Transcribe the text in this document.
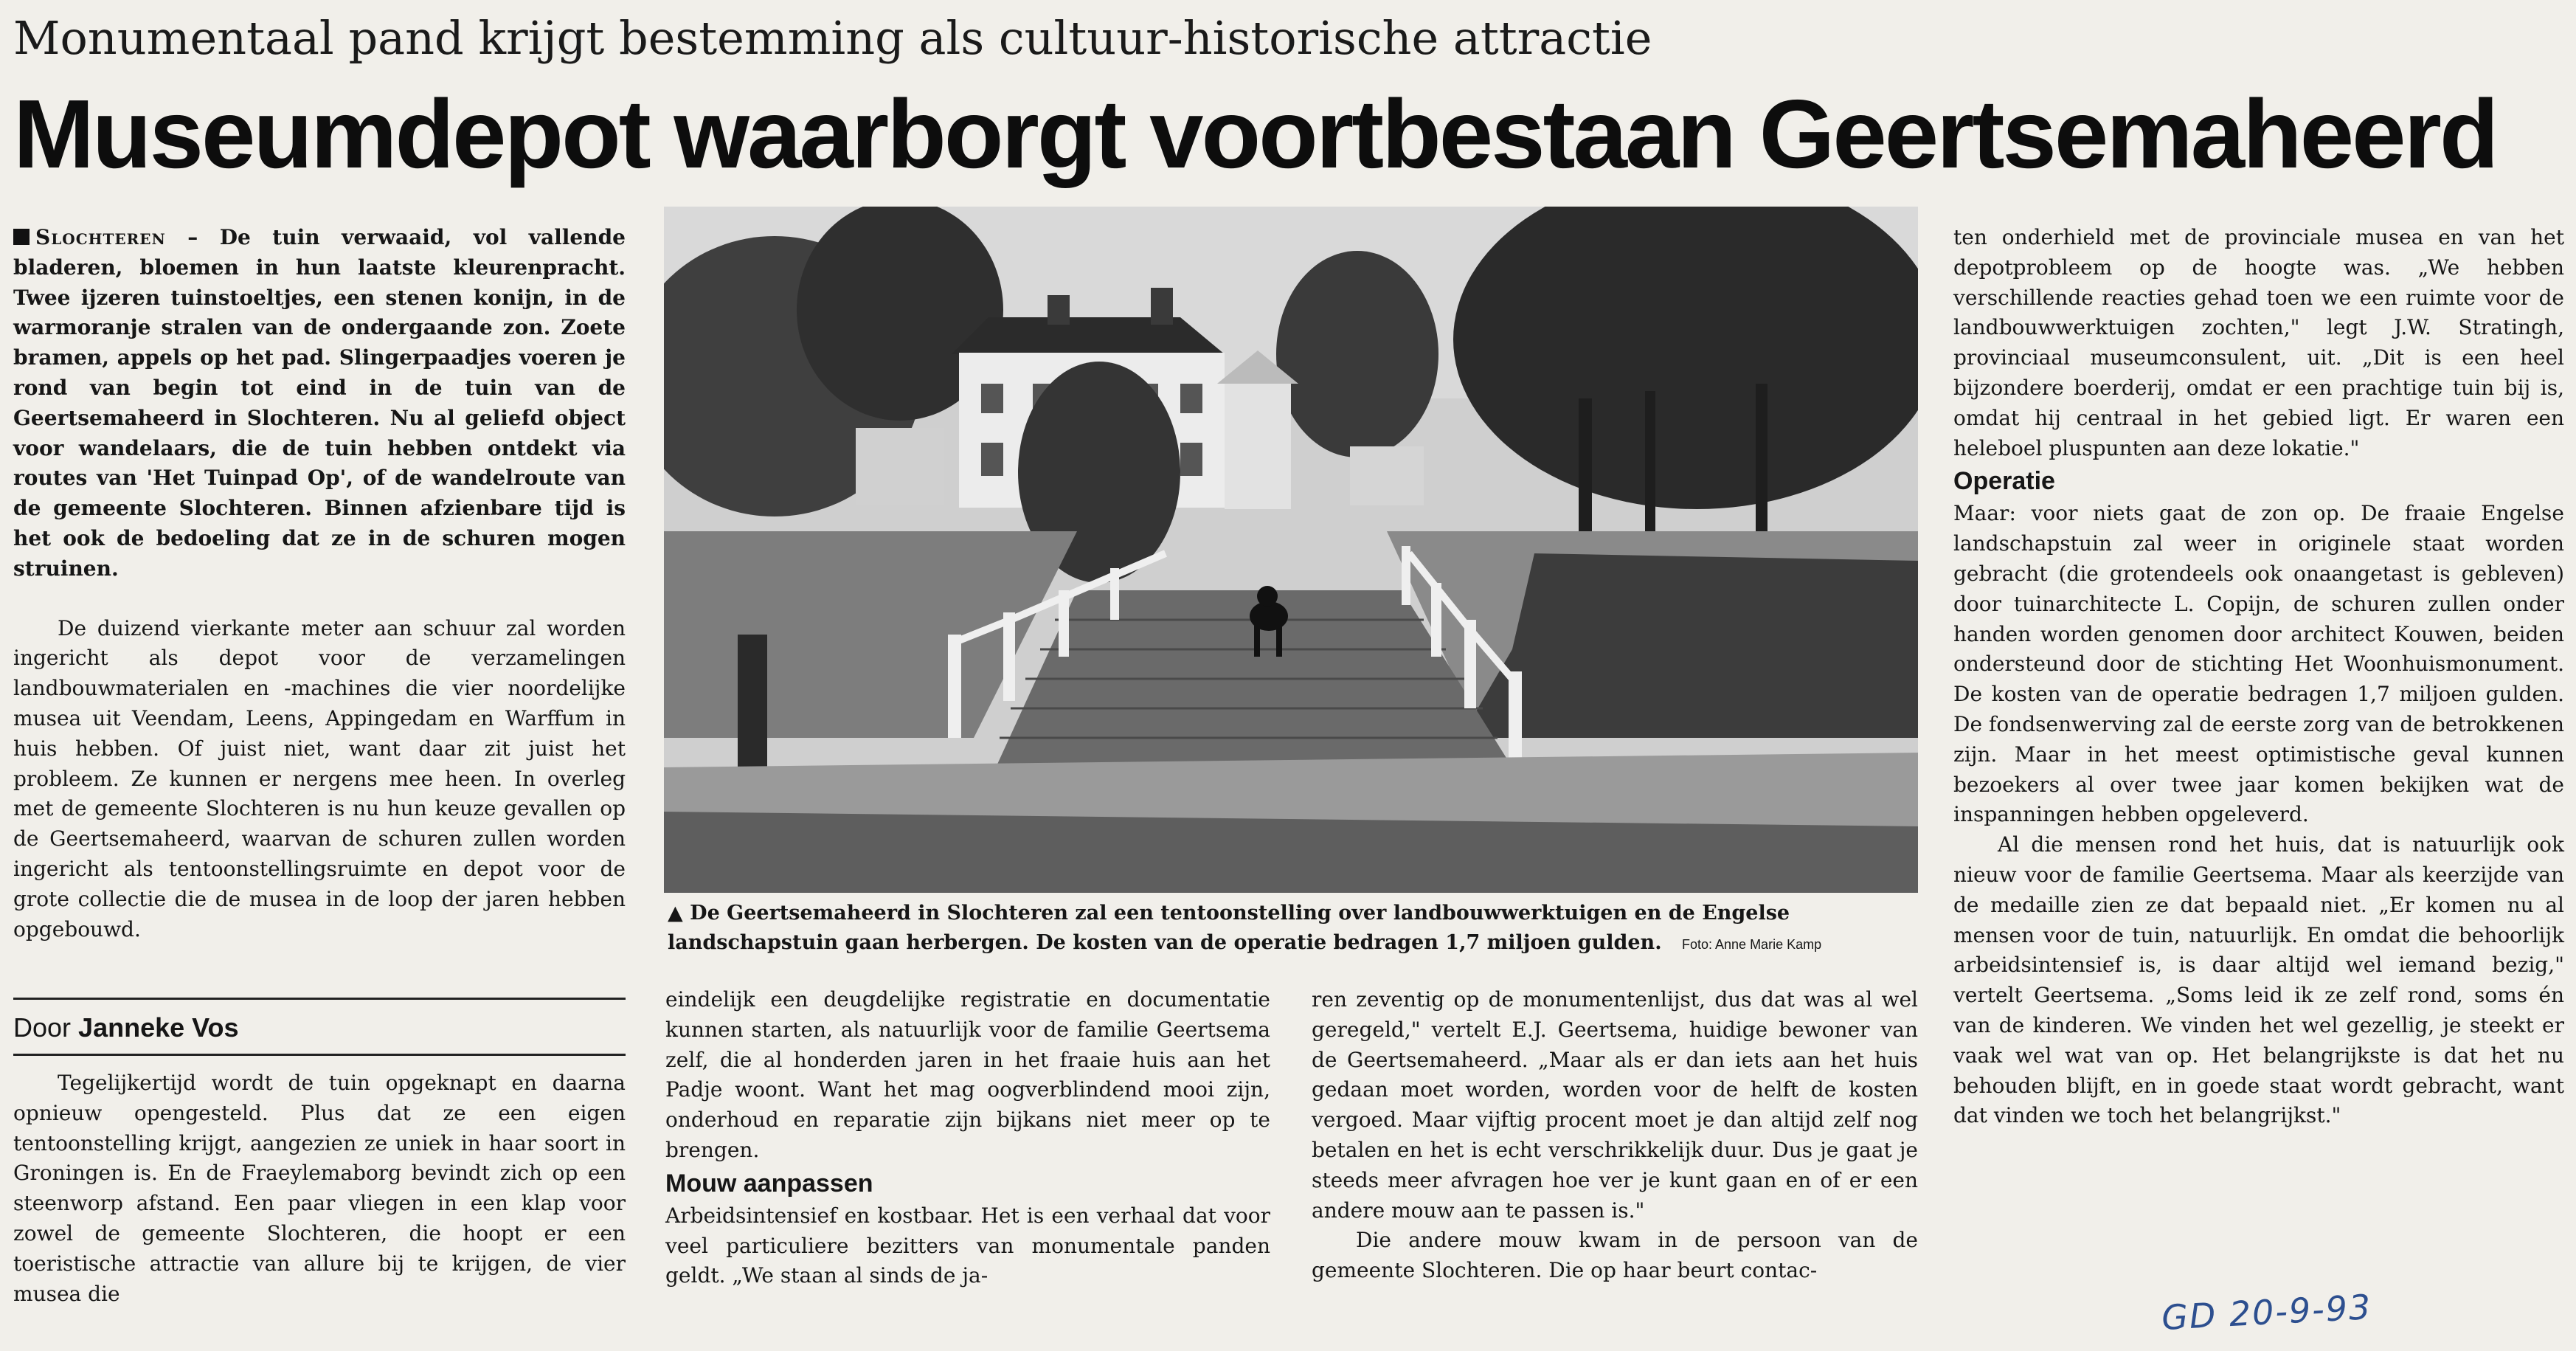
Monumentaal pand krijgt bestemming als cultuur-historische attractie
Museumdepot waarborgt voortbestaan Geertsemaheerd

Slochteren – De tuin verwaaid, vol vallende bladeren, bloemen in hun laatste kleurenpracht. Twee ijzeren tuinstoeltjes, een stenen konijn, in de warmoranje stralen van de ondergaande zon. Zoete bramen, appels op het pad. Slingerpaadjes voeren je rond van begin tot eind in de tuin van de Geertsemaheerd in Slochteren. Nu al geliefd object voor wandelaars, die de tuin hebben ontdekt via routes van 'Het Tuinpad Op', of de wandelroute van de gemeente Slochteren. Binnen afzienbare tijd is het ook de bedoeling dat ze in de schuren mogen struinen.

De duizend vierkante meter aan schuur zal worden ingericht als depot voor de verzamelingen landbouwmaterialen en -machines die vier noordelijke musea uit Veendam, Leens, Appingedam en Warffum in huis hebben. Of juist niet, want daar zit juist het probleem. Ze kunnen er nergens mee heen. In overleg met de gemeente Slochteren is nu hun keuze gevallen op de Geertsemaheerd, waarvan de schuren zullen worden ingericht als tentoonstellingsruimte en depot voor de grote collectie die de musea in de loop der jaren hebben opgebouwd.

Door Janneke Vos

Tegelijkertijd wordt de tuin opgeknapt en daarna opnieuw opengesteld. Plus dat ze een eigen tentoonstelling krijgt, aangezien ze uniek in haar soort in Groningen is. En de Fraeylemaborg bevindt zich op een steenworp afstand. Een paar vliegen in een klap voor zowel de gemeente Slochteren, die hoopt er een toeristische attractie van allure bij te krijgen, de vier musea die

▲ De Geertsemaheerd in Slochteren zal een tentoonstelling over landbouwwerktuigen en de Engelse landschapstuin gaan herbergen. De kosten van de operatie bedragen 1,7 miljoen gulden. Foto: Anne Marie Kamp

eindelijk een deugdelijke registratie en documentatie kunnen starten, als natuurlijk voor de familie Geertsema zelf, die al honderden jaren in het fraaie huis aan het Padje woont. Want het mag oogverblindend mooi zijn, onderhoud en reparatie zijn bijkans niet meer op te brengen.

Mouw aanpassen

Arbeidsintensief en kostbaar. Het is een verhaal dat voor veel particuliere bezitters van monumentale panden geldt. „We staan al sinds de ja-

ren zeventig op de monumentenlijst, dus dat was al wel geregeld," vertelt E.J. Geertsema, huidige bewoner van de Geertsemaheerd. „Maar als er dan iets aan het huis gedaan moet worden, worden voor de helft de kosten vergoed. Maar vijftig procent moet je dan altijd zelf nog betalen en het is echt verschrikkelijk duur. Dus je gaat je steeds meer afvragen hoe ver je kunt gaan en of er een andere mouw aan te passen is."

Die andere mouw kwam in de persoon van de gemeente Slochteren. Die op haar beurt contac-

ten onderhield met de provinciale musea en van het depotprobleem op de hoogte was. „We hebben verschillende reacties gehad toen we een ruimte voor de landbouwwerktuigen zochten," legt J.W. Stratingh, provinciaal museumconsulent, uit. „Dit is een heel bijzondere boerderij, omdat er een prachtige tuin bij is, omdat hij centraal in het gebied ligt. Er waren een heleboel pluspunten aan deze lokatie."

Operatie

Maar: voor niets gaat de zon op. De fraaie Engelse landschapstuin zal weer in originele staat worden gebracht (die grotendeels ook onaangetast is gebleven) door tuinarchitecte L. Copijn, de schuren zullen onder handen worden genomen door architect Kouwen, beiden ondersteund door de stichting Het Woonhuismonument. De kosten van de operatie bedragen 1,7 miljoen gulden. De fondsenwerving zal de eerste zorg van de betrokkenen zijn. Maar in het meest optimistische geval kunnen bezoekers al over twee jaar komen bekijken wat de inspanningen hebben opgeleverd.

Al die mensen rond het huis, dat is natuurlijk ook nieuw voor de familie Geertsema. Maar als keerzijde van de medaille zien ze dat bepaald niet. „Er komen nu al mensen voor de tuin, natuurlijk. En omdat die behoorlijk arbeidsintensief is, is daar altijd wel iemand bezig," vertelt Geertsema. „Soms leid ik ze zelf rond, soms én van de kinderen. We vinden het wel gezellig, je steekt er vaak wel wat van op. Het belangrijkste is dat het nu behouden blijft, en in goede staat wordt gebracht, want dat vinden we toch het belangrijkst."

GD 20-9-93
